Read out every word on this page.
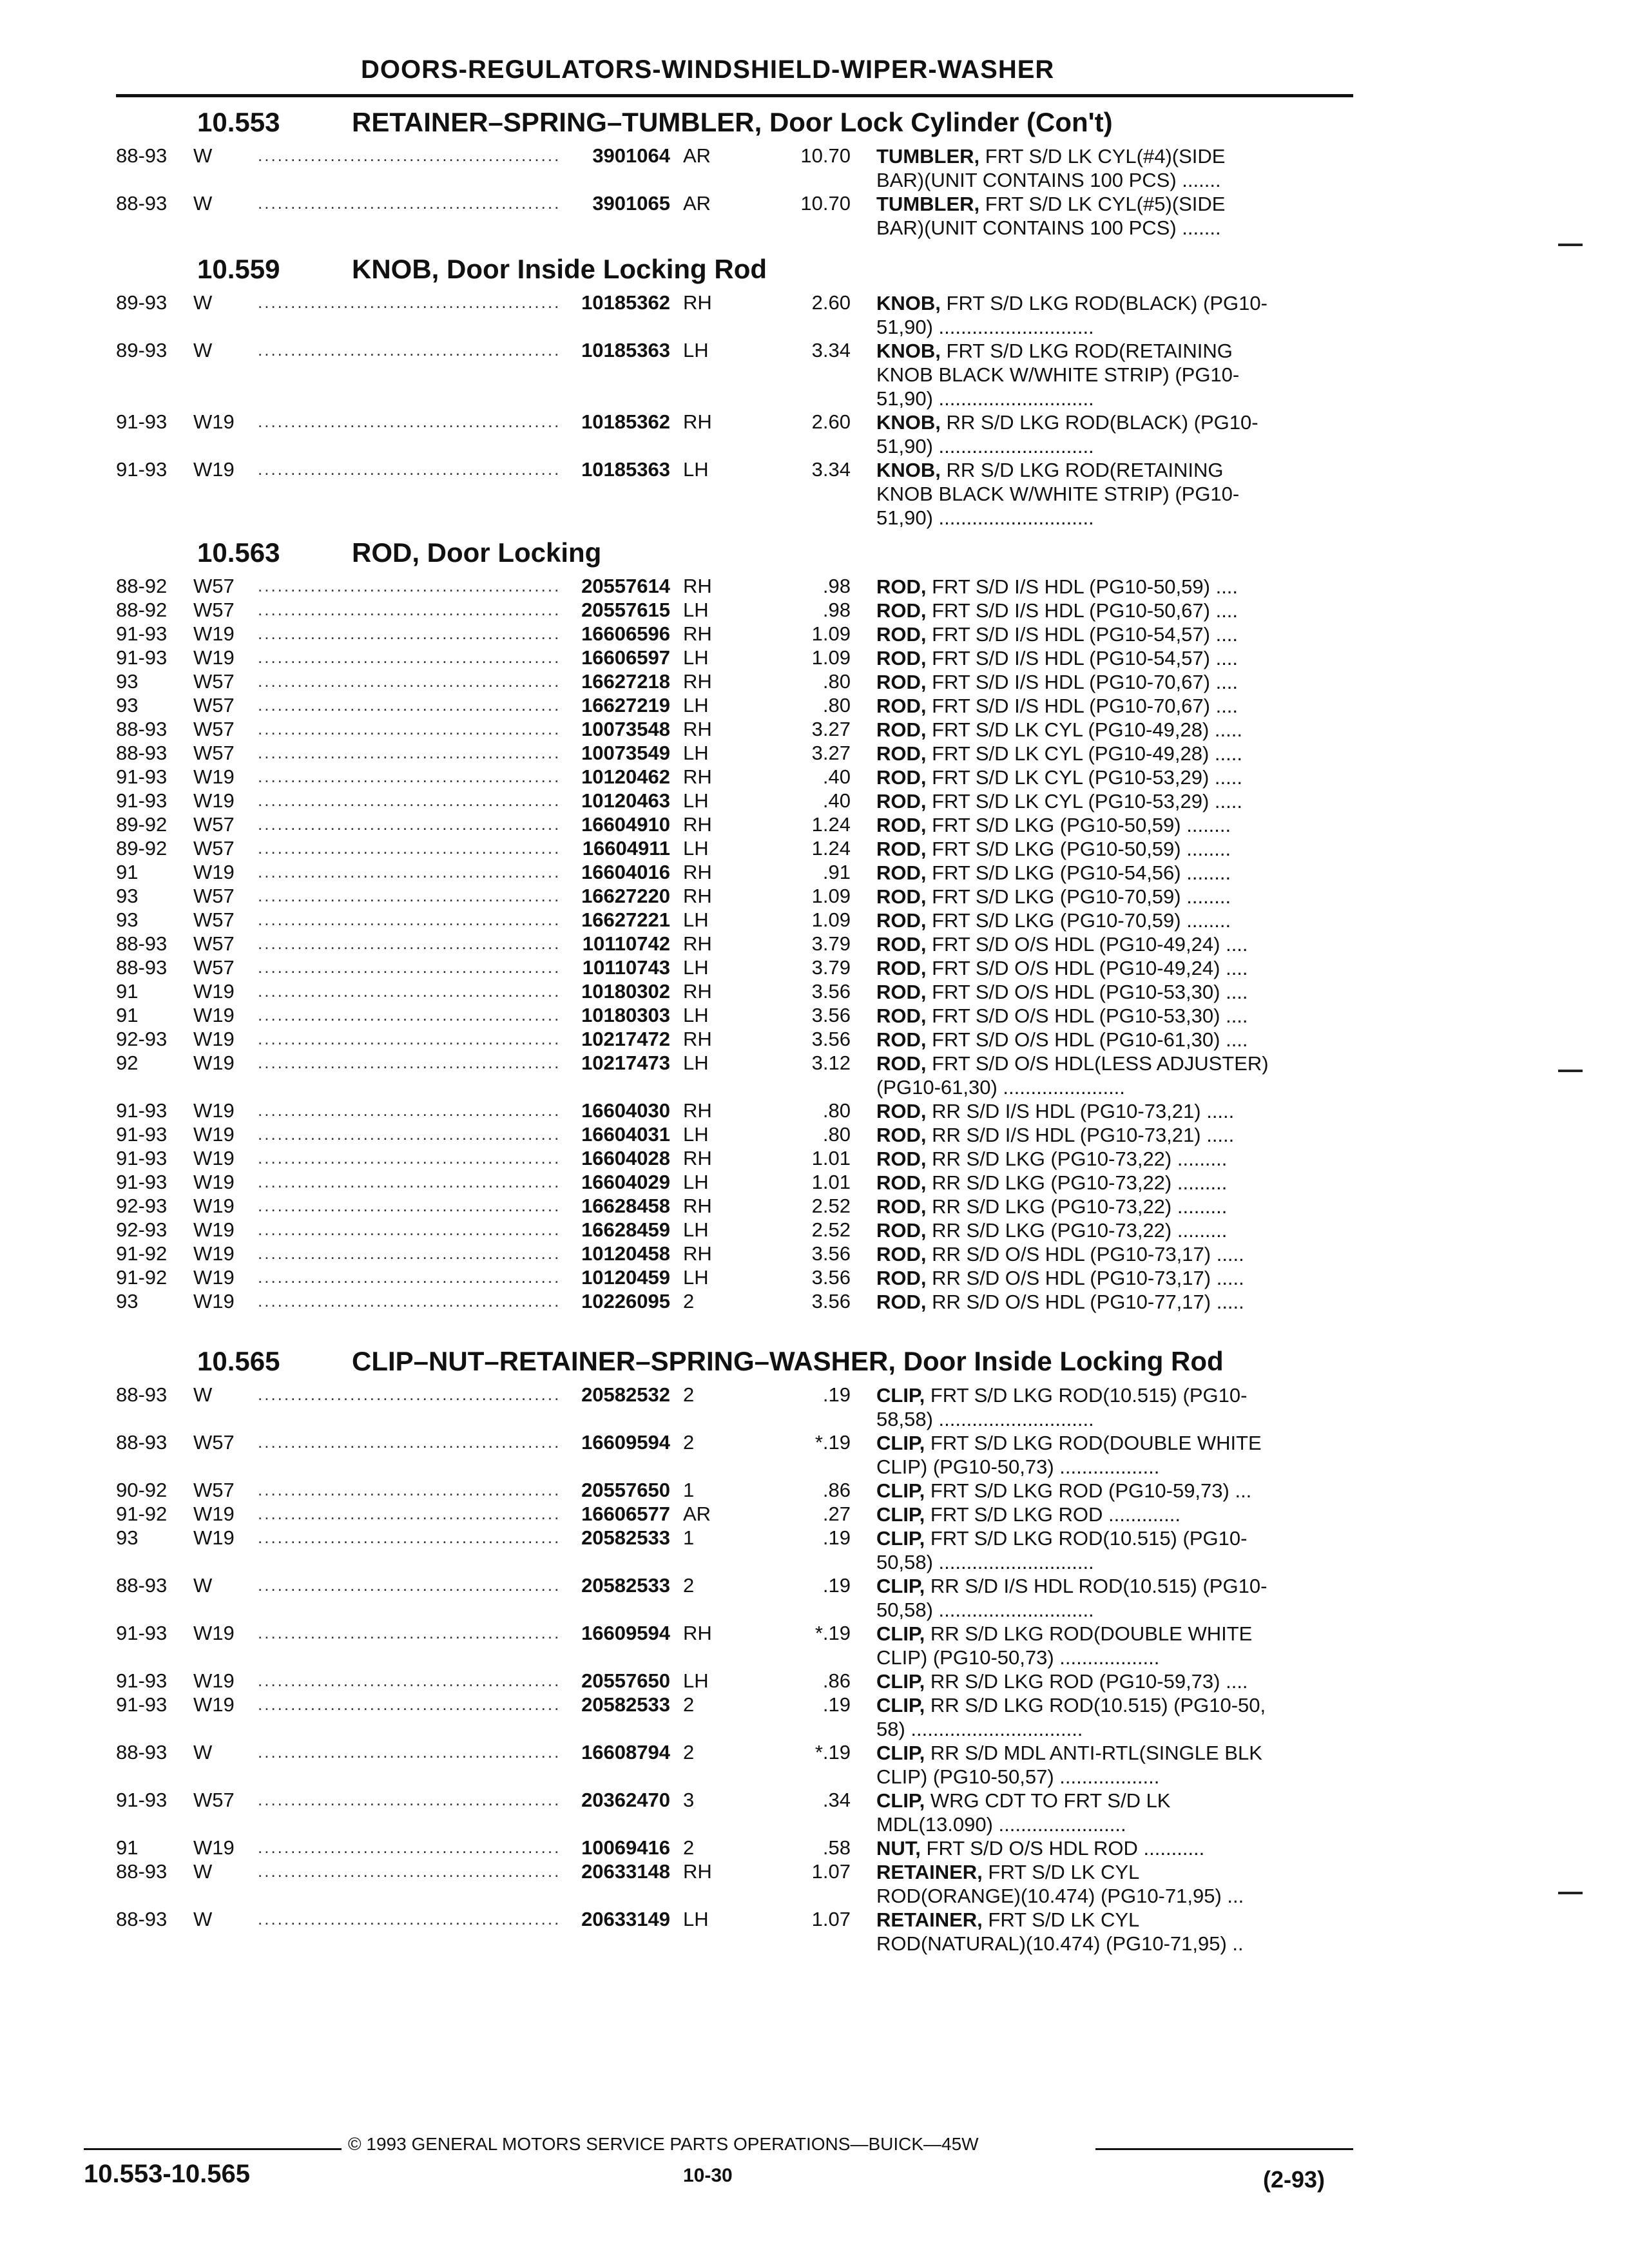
DOORS-REGULATORS-WINDSHIELD-WIPER-WASHER
10.553	RETAINER–SPRING–TUMBLER, Door Lock Cylinder (Con't)
88-93	W	..............................................	3901064 AR	10.70 TUMBLER, FRT S/D LK CYL(#4)(SIDE
BAR)(UNIT CONTAINS 100 PCS) .......
88-93	W	..............................................	3901065 AR	10.70 TUMBLER, FRT S/D LK CYL(#5)(SIDE
BAR)(UNIT CONTAINS 100 PCS) .......
10.559	KNOB, Door Inside Locking Rod
89-93	W	..............................................	10185362 RH	2.60 KNOB, FRT S/D LKG ROD(BLACK) (PG10-
51,90) ............................
89-93	W	..............................................	10185363 LH	3.34 KNOB, FRT S/D LKG ROD(RETAINING
KNOB BLACK W/WHITE STRIP) (PG10-
51,90) ............................
91-93	W19 ..............................................	10185362 RH	2.60 KNOB, RR S/D LKG ROD(BLACK) (PG10-
51,90) ............................
91-93	W19 ..............................................	10185363 LH	3.34 KNOB, RR S/D LKG ROD(RETAINING
KNOB BLACK W/WHITE STRIP) (PG10-
51,90) ............................
10.563	ROD, Door Locking
88-92	W57 ..............................................	20557614 RH	.98 ROD, FRT S/D I/S HDL (PG10-50,59) ....
88-92	W57 ..............................................	20557615 LH	.98 ROD, FRT S/D I/S HDL (PG10-50,67) ....
91-93	W19 ..............................................	16606596 RH	1.09 ROD, FRT S/D I/S HDL (PG10-54,57) ....
91-93	W19 ..............................................	16606597 LH	1.09 ROD, FRT S/D I/S HDL (PG10-54,57) ....
93	W57 ..............................................	16627218 RH	.80 ROD, FRT S/D I/S HDL (PG10-70,67) ....
93	W57 ..............................................	16627219 LH	.80 ROD, FRT S/D I/S HDL (PG10-70,67) ....
88-93	W57 ..............................................	10073548 RH	3.27 ROD, FRT S/D LK CYL (PG10-49,28) .....
88-93	W57 ..............................................	10073549 LH	3.27 ROD, FRT S/D LK CYL (PG10-49,28) .....
91-93	W19 ..............................................	10120462 RH	.40 ROD, FRT S/D LK CYL (PG10-53,29) .....
91-93	W19 ..............................................	10120463 LH	.40 ROD, FRT S/D LK CYL (PG10-53,29) .....
89-92	W57 ..............................................	16604910 RH	1.24 ROD, FRT S/D LKG (PG10-50,59) ........
89-92	W57 ..............................................	16604911 LH	1.24 ROD, FRT S/D LKG (PG10-50,59) ........
91	W19 ..............................................	16604016 RH	.91 ROD, FRT S/D LKG (PG10-54,56) ........
93	W57 ..............................................	16627220 RH	1.09 ROD, FRT S/D LKG (PG10-70,59) ........
93	W57 ..............................................	16627221 LH	1.09 ROD, FRT S/D LKG (PG10-70,59) ........
88-93	W57 ..............................................	10110742 RH	3.79 ROD, FRT S/D O/S HDL (PG10-49,24) ....
88-93	W57 ..............................................	10110743 LH	3.79 ROD, FRT S/D O/S HDL (PG10-49,24) ....
91	W19 ..............................................	10180302 RH	3.56 ROD, FRT S/D O/S HDL (PG10-53,30) ....
91	W19 ..............................................	10180303 LH	3.56 ROD, FRT S/D O/S HDL (PG10-53,30) ....
92-93	W19 ..............................................	10217472 RH	3.56 ROD, FRT S/D O/S HDL (PG10-61,30) ....
92	W19 ..............................................	10217473 LH	3.12 ROD, FRT S/D O/S HDL(LESS ADJUSTER)
(PG10-61,30) ......................
91-93	W19 ..............................................	16604030 RH	.80 ROD, RR S/D I/S HDL (PG10-73,21) .....
91-93	W19 ..............................................	16604031 LH	.80 ROD, RR S/D I/S HDL (PG10-73,21) .....
91-93	W19 ..............................................	16604028 RH	1.01 ROD, RR S/D LKG (PG10-73,22) .........
91-93	W19 ..............................................	16604029 LH	1.01 ROD, RR S/D LKG (PG10-73,22) .........
92-93	W19 ..............................................	16628458 RH	2.52 ROD, RR S/D LKG (PG10-73,22) .........
92-93	W19 ..............................................	16628459 LH	2.52 ROD, RR S/D LKG (PG10-73,22) .........
91-92	W19 ..............................................	10120458 RH	3.56 ROD, RR S/D O/S HDL (PG10-73,17) .....
91-92	W19 ..............................................	10120459 LH	3.56 ROD, RR S/D O/S HDL (PG10-73,17) .....
93	W19 ..............................................	10226095 2	3.56 ROD, RR S/D O/S HDL (PG10-77,17) .....
10.565	CLIP–NUT–RETAINER–SPRING–WASHER, Door Inside Locking Rod
88-93	W	..............................................	20582532 2	.19 CLIP, FRT S/D LKG ROD(10.515) (PG10-
58,58) ............................
88-93	W57 ..............................................	16609594 2	*.19 CLIP, FRT S/D LKG ROD(DOUBLE WHITE
CLIP) (PG10-50,73) ..................
90-92	W57 ..............................................	20557650 1	.86 CLIP, FRT S/D LKG ROD (PG10-59,73) ...
91-92	W19 ..............................................	16606577 AR	.27 CLIP, FRT S/D LKG ROD .............
93	W19 ..............................................	20582533 1	.19 CLIP, FRT S/D LKG ROD(10.515) (PG10-
50,58) ............................
88-93	W	..............................................	20582533 2	.19 CLIP, RR S/D I/S HDL ROD(10.515) (PG10-
50,58) ............................
91-93	W19 ..............................................	16609594 RH	*.19 CLIP, RR S/D LKG ROD(DOUBLE WHITE
CLIP) (PG10-50,73) ..................
91-93	W19 ..............................................	20557650 LH	.86 CLIP, RR S/D LKG ROD (PG10-59,73) ....
91-93	W19 ..............................................	20582533 2	.19 CLIP, RR S/D LKG ROD(10.515) (PG10-50,
58) ...............................
88-93	W	..............................................	16608794 2	*.19 CLIP, RR S/D MDL ANTI-RTL(SINGLE BLK
CLIP) (PG10-50,57) ..................
91-93	W57 ..............................................	20362470 3	.34 CLIP, WRG CDT TO FRT S/D LK
MDL(13.090) .......................
91	W19 ..............................................	10069416 2	.58 NUT, FRT S/D O/S HDL ROD ...........
88-93	W	..............................................	20633148 RH	1.07 RETAINER, FRT S/D LK CYL
ROD(ORANGE)(10.474) (PG10-71,95) ...
88-93	W	..............................................	20633149 LH	1.07 RETAINER, FRT S/D LK CYL
ROD(NATURAL)(10.474) (PG10-71,95) ..
© 1993 GENERAL MOTORS SERVICE PARTS OPERATIONS—BUICK—45W
10.553-10.565	10-30	(2-93)
